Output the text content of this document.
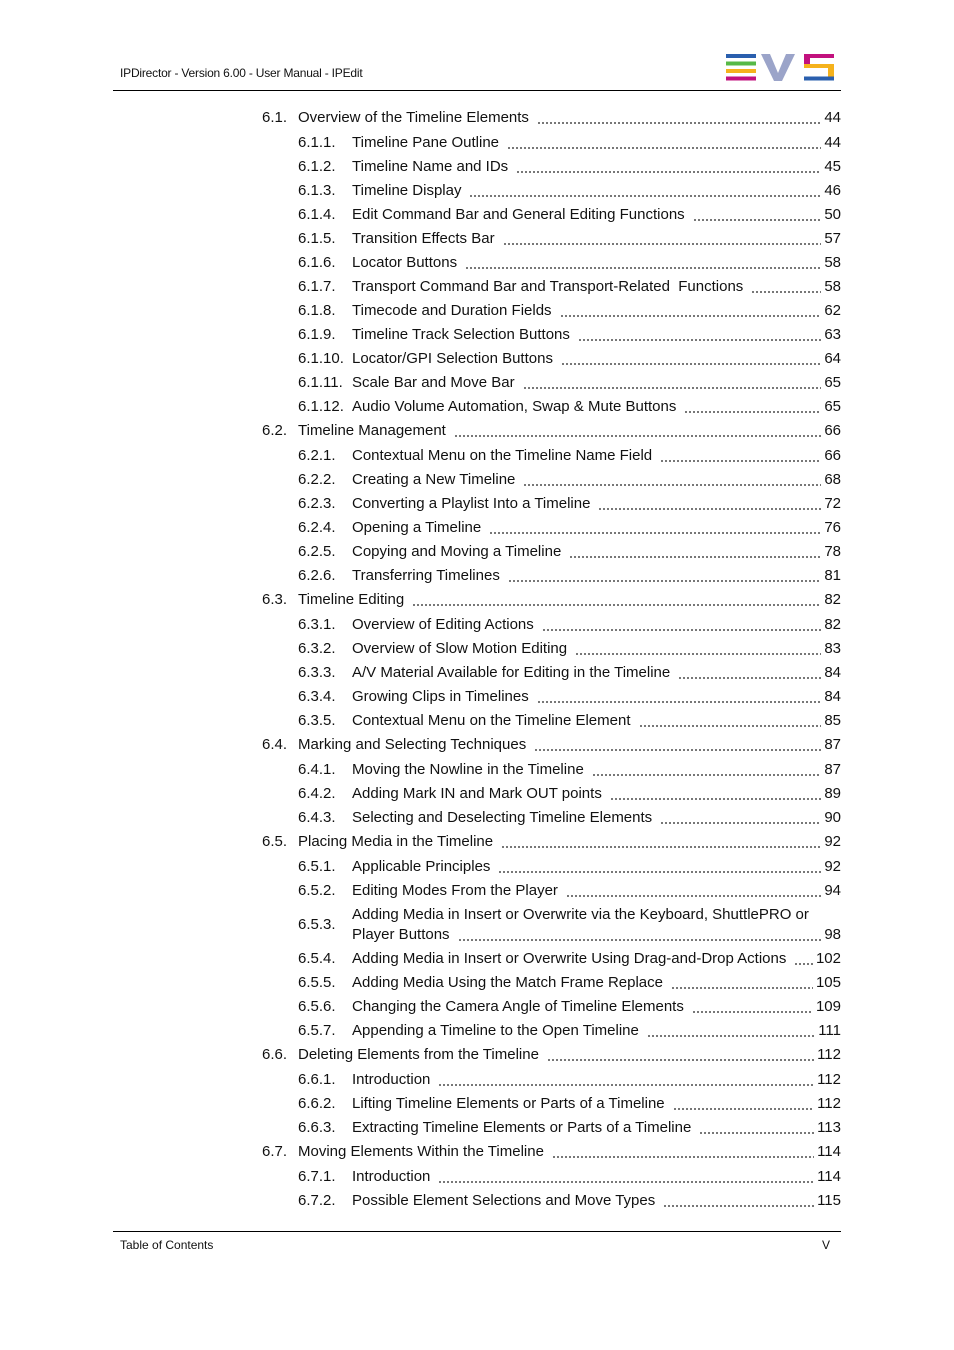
IPDirector - Version 6.00 - User Manual - IPEdit
6.1. Overview of the Timeline Elements	44
6.1.1. Timeline Pane Outline	44
6.1.2. Timeline Name and IDs	45
6.1.3. Timeline Display	46
6.1.4. Edit Command Bar and General Editing Functions	50
6.1.5. Transition Effects Bar	57
6.1.6. Locator Buttons	58
6.1.7. Transport Command Bar and Transport-Related  Functions	58
6.1.8. Timecode and Duration Fields	62
6.1.9. Timeline Track Selection Buttons	63
6.1.10. Locator/GPI Selection Buttons	64
6.1.11. Scale Bar and Move Bar	65
6.1.12. Audio Volume Automation, Swap & Mute Buttons	65
6.2. Timeline Management	66
6.2.1. Contextual Menu on the Timeline Name Field	66
6.2.2. Creating a New Timeline	68
6.2.3. Converting a Playlist Into a Timeline	72
6.2.4. Opening a Timeline	76
6.2.5. Copying and Moving a Timeline	78
6.2.6. Transferring Timelines	81
6.3. Timeline Editing	82
6.3.1. Overview of Editing Actions	82
6.3.2. Overview of Slow Motion Editing	83
6.3.3. A/V Material Available for Editing in the Timeline	84
6.3.4. Growing Clips in Timelines	84
6.3.5. Contextual Menu on the Timeline Element	85
6.4. Marking and Selecting Techniques	87
6.4.1. Moving the Nowline in the Timeline	87
6.4.2. Adding Mark IN and Mark OUT points	89
6.4.3. Selecting and Deselecting Timeline Elements	90
6.5. Placing Media in the Timeline	92
6.5.1. Applicable Principles	92
6.5.2. Editing Modes From the Player	94
6.5.3.
Adding Media in Insert or Overwrite via the Keyboard, ShuttlePRO or
Player Buttons	98
6.5.4. Adding Media in Insert or Overwrite Using Drag-and-Drop Actions 102
6.5.5. Adding Media Using the Match Frame Replace	105
6.5.6. Changing the Camera Angle of Timeline Elements	109
6.5.7. Appending a Timeline to the Open Timeline	111
6.6. Deleting Elements from the Timeline	112
6.6.1. Introduction	112
6.6.2. Lifting Timeline Elements or Parts of a Timeline	112
6.6.3. Extracting Timeline Elements or Parts of a Timeline	113
6.7. Moving Elements Within the Timeline	114
6.7.1. Introduction	114
6.7.2. Possible Element Selections and Move Types	115
Table of Contents	V
